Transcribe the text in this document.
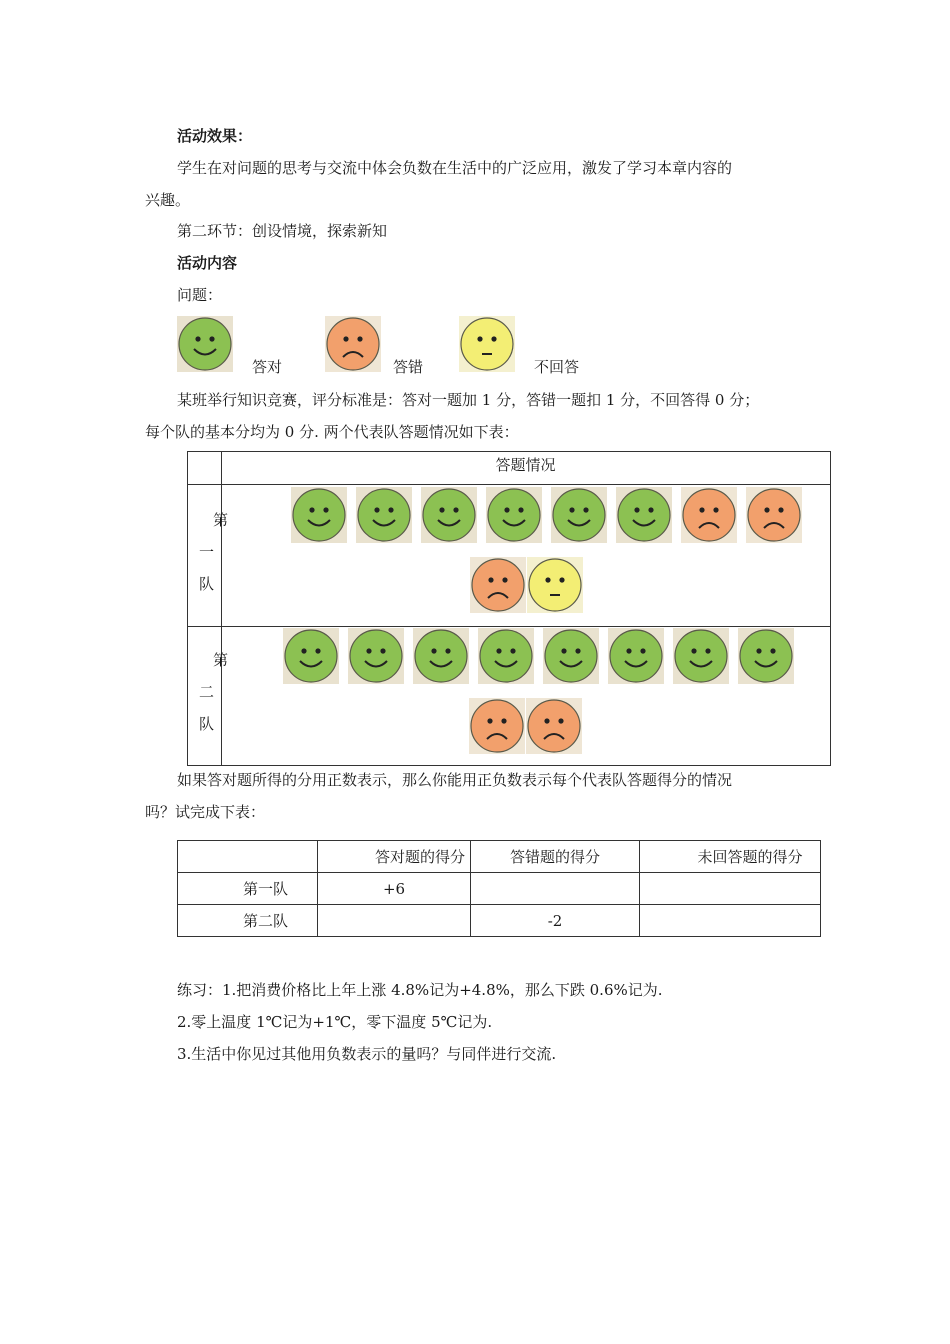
活动效果：
学生在对问题的思考与交流中体会负数在生活中的广泛应用，激发了学习本章内容的
兴趣。
第二环节：创设情境，探索新知
活动内容
问题：
答对	答错	不回答
某班举行知识竞赛，评分标准是：答对一题加 1 分，答错一题扣 1 分，不回答得 0 分；
每个队的基本分均为 0 分. 两个代表队答题情况如下表：
答题情况
第
一
队
第
二
队
如果答对题所得的分用正数表示，那么你能用正负数表示每个代表队答题得分的情况
吗？试完成下表：
	答对题的得分	答错题的得分	未回答题的得分
第一队	+6		
第二队		-2	
练习：1.把消费价格比上年上涨 4.8%记为+4.8%，那么下跌 0.6%记为.
2.零上温度 1℃记为+1℃，零下温度 5℃记为.
3.生活中你见过其他用负数表示的量吗？与同伴进行交流.
